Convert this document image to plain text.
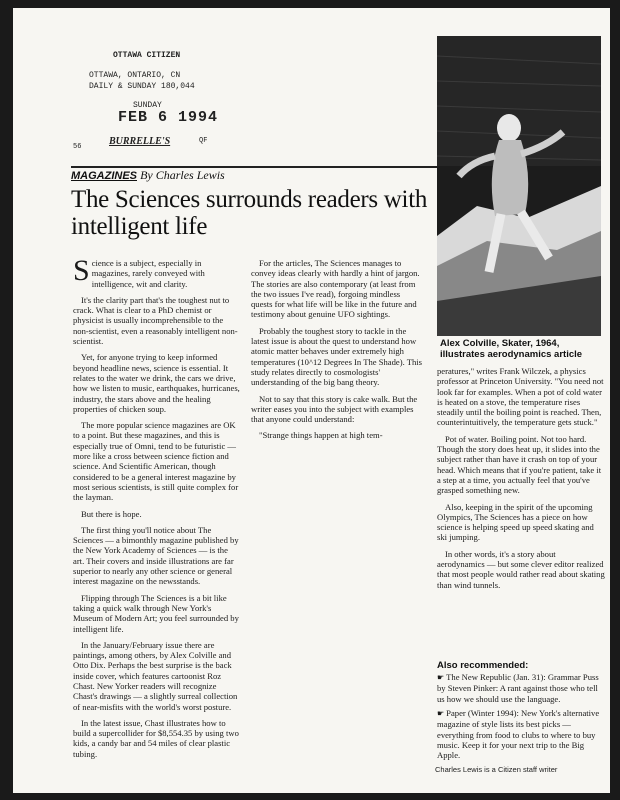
OTTAWA CITIZEN
OTTAWA, ONTARIO, CN
DAILY & SUNDAY 180,044
SUNDAY
FEB 6 1994
56	BURRELLE'S	QF
MAGAZINES By Charles Lewis
The Sciences surrounds readers with intelligent life

Science is a subject, especially in magazines, rarely conveyed with intelligence, wit and clarity.

It's the clarity part that's the toughest nut to crack. What is clear to a PhD chemist or physicist is usually incomprehensible to the non-scientist, even a reasonably intelligent non-scientist.

Yet, for anyone trying to keep informed beyond headline news, science is essential. It relates to the water we drink, the cars we drive, how we listen to music, earthquakes, hurricanes, industry, the stars above and the healing properties of chicken soup.

The more popular science magazines are OK to a point. But these magazines, and this is especially true of Omni, tend to be futuristic — more like a cross between science fiction and science. And Scientific American, though considered to be a general interest magazine by most serious scientists, is still quite complex for the layman.

But there is hope.

The first thing you'll notice about The Sciences — a bimonthly magazine published by the New York Academy of Sciences — is the art. Their covers and inside illustrations are far superior to nearly any other science or general interest magazine on the newsstands.

Flipping through The Sciences is a bit like taking a quick walk through New York's Museum of Modern Art; you feel surrounded by intelligent life.

In the January/February issue there are paintings, among others, by Alex Colville and Otto Dix. Perhaps the best surprise is the back inside cover, which features cartoonist Roz Chast. New Yorker readers will recognize Chast's drawings — a slightly surreal collection of near-misfits with the world's worst posture.

In the latest issue, Chast illustrates how to build a supercollider for $8,554.35 by using two kids, a candy bar and 54 miles of clear plastic tubing.

For the articles, The Sciences manages to convey ideas clearly with hardly a hint of jargon. The stories are also contemporary (at least from the two issues I've read), forgoing mindless quests for what life will be like in the future and testimony about genuine UFO sightings.

Probably the toughest story to tackle in the latest issue is about the quest to understand how atomic matter behaves under extremely high temperatures (10^12 Degrees In The Shade). This study relates directly to cosmologists' understanding of the big bang theory.

Not to say that this story is cake walk. But the writer eases you into the subject with examples that anyone could understand:

"Strange things happen at high tem-

Alex Colville, Skater, 1964, illustrates aerodynamics article

peratures," writes Frank Wilczek, a physics professor at Princeton University. "You need not look far for examples. When a pot of cold water is heated on a stove, the temperature rises steadily until the boiling point is reached. Then, counterintuitively, the temperature gets stuck."

Pot of water. Boiling point. Not too hard. Though the story does heat up, it slides into the subject rather than have it crash on top of your head. Which means that if you're patient, take it a step at a time, you actually feel that you've grasped something new.

Also, keeping in the spirit of the upcoming Olympics, The Sciences has a piece on how science is helping speed up speed skating and ski jumping.

In other words, it's a story about aerodynamics — but some clever editor realized that most people would rather read about skating than wind tunnels.

Also recommended:
☛ The New Republic (Jan. 31): Grammar Puss by Steven Pinker: A rant against those who tell us how we should use the language.
☛ Paper (Winter 1994): New York's alternative magazine of style lists its best picks — everything from food to clubs to where to buy music. Keep it for your next trip to the Big Apple.
Charles Lewis is a Citizen staff writer
